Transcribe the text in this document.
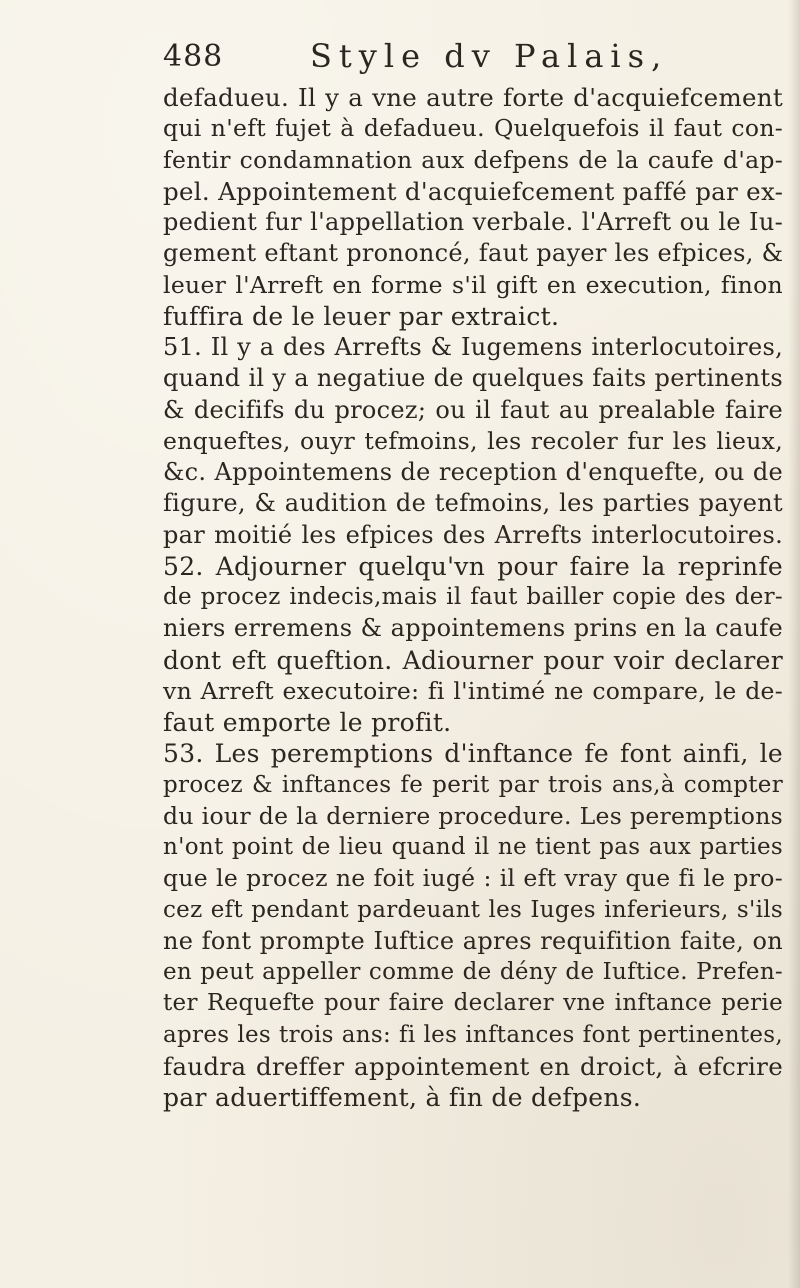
488	Style dv Palais,
defadueu. Il y a vne autre forte d'acquiefcement
qui n'eft fujet à defadueu. Quelquefois il faut con-
fentir condamnation aux defpens de la caufe d'ap-
pel. Appointement d'acquiefcement paffé par ex-
pedient fur l'appellation verbale. l'Arreft ou le Iu-
gement eftant prononcé, faut payer les efpices, &
leuer l'Arreft en forme s'il gift en execution, finon
fuffira de le leuer par extraict.
51. Il y a des Arrefts & Iugemens interlocutoires,
quand il y a negatiue de quelques faits pertinents
& decififs du procez; ou il faut au prealable faire
enqueftes, ouyr tefmoins, les recoler fur les lieux,
&c. Appointemens de reception d'enquefte, ou de
figure, & audition de tefmoins, les parties payent
par moitié les efpices des Arrefts interlocutoires.
52. Adjourner quelqu'vn pour faire la reprinfe
de procez indecis,mais il faut bailler copie des der-
niers erremens & appointemens prins en la caufe
dont eft queftion. Adiourner pour voir declarer
vn Arreft executoire: fi l'intimé ne compare, le de-
faut emporte le profit.
53. Les peremptions d'inftance fe font ainfi, le
procez & inftances fe perit par trois ans,à compter
du iour de la derniere procedure. Les peremptions
n'ont point de lieu quand il ne tient pas aux parties
que le procez ne foit iugé : il eft vray que fi le pro-
cez eft pendant pardeuant les Iuges inferieurs, s'ils
ne font prompte Iuftice apres requifition faite, on
en peut appeller comme de dény de Iuftice. Prefen-
ter Requefte pour faire declarer vne inftance perie
apres les trois ans: fi les inftances font pertinentes,
faudra dreffer appointement en droict, à efcrire
par aduertiffement, à fin de defpens.
